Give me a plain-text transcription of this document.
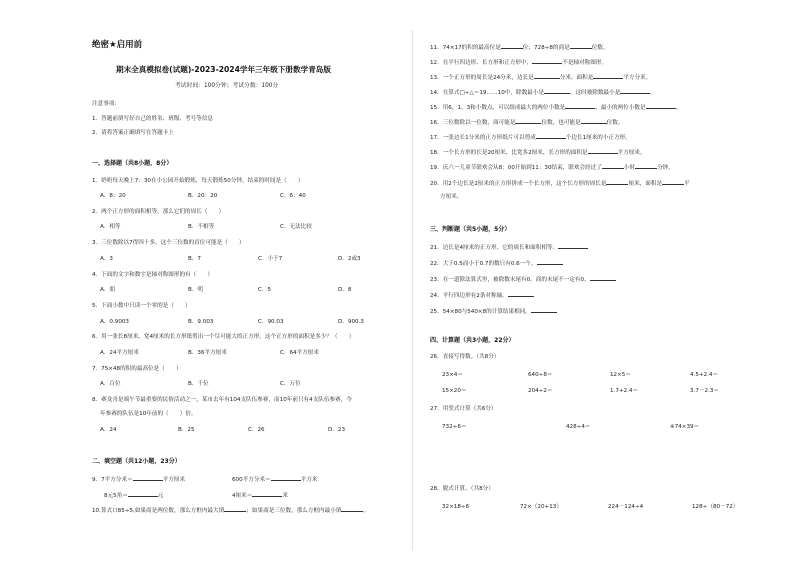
绝密★启用前
期末全真模拟卷(试题)-2023-2024学年三年级下册数学青岛版
考试时间：100分钟；考试分数：100分
注意事项：
1．答题前填写好自己的姓名、班级、考号等信息
2．请将答案正确填写在答题卡上
一、选择题（共8小题，8分）
1．奶奶每天晚上7：30在小公园开始锻炼，每天锻炼50分钟，结束的时间是（　　）
A．8：20	B．20：20	C．6：40
2．两个正方形的面积相等，那么它们的周长（　　）
A．相等	B．不相等	C．无法比较
3．三位数除以7得四十多，这个三位数的首位可能是（　　）
A．3	B．7	C．小于7	D．2或3
4．下面的文字和数字是轴对称图形的有（　　）
A．朋	B．明	C．5	D．8
5．下面小数中只读一个零的是（　　）
A．0.9003	B．9.003	C．90.03	D．900.3
6．用一张长8厘米、宽4厘米的长方形纸剪出一个尽可能大的正方形，这个正方形的面积是多少？（　　）
A．24平方厘米	B．36平方厘米	C．64平方厘米
7．75×48的积的最高位是（　　）
A．百位	B．千位	C．万位
8．赛龙舟是端午节最重要的民俗活动之一，某市去年有104支队伍参赛，而10年前只有4支队伍参赛，今
年参赛的队伍是10年前的（　　）倍。
A．24	B．25	C．26	D．23
二、填空题（共12小题，23分）
9．7平方分米＝	平方厘米	600平方分米＝	平方米
8元5角＝	元	4厘米＝	米
10.算式口85÷5,如果商是两位数，那么方框内最大填	；如果商是三位数，那么方框内最小填	。
11．74×17的积的最高位是	位；728÷8的商是	位数。
12．在平行四边形、长方形和正方形中，	不是轴对称图形。
13．一个正方形的周长是24分米，边长是	分米，面积是	平方分米。
14．在算式□÷△＝19……10中，除数最小是	，这时被除数最小是	。
15．用6，1，3和小数点，可以组成最大的两位小数是	，最小的两位小数是	。
16．三位数除以一位数，商可能是	位数，也可能是	位数。
17．一张边长1分米的正方形纸片可以剪成	个边长1厘米的小正方形。
18．一个长方形的长是20厘米，比宽多2厘米，长方形的面积是	平方厘米。
19．庆六一儿童节联欢会从8：00开始到11：30结束，联欢会经过了	小时	分钟。
20．用2个边长是2厘米的正方形拼成一个长方形，这个长方形的周长是	厘米，面积是	平
方厘米。
三、判断题（共5小题，5分）
21．边长是4厘米的正方形，它的周长和面积相等。
22．大于0.5而小于0.7的数只有0.6一个。
23．在一道除法算式里，被除数末尾有0，商的末尾不一定有0。
24．平行四边形有2条对称轴。
25．54×80与540×8的计算结果相同。
四、计算题（共3小题，22分）
26．直接写得数。（共8分）
23×4＝	640÷8＝	12×5＝	4.5+2.4＝
15×20＝	204÷2＝	1.7+2.4＝	3.7－2.3＝
27．用竖式计算（共6分）
732÷6＝	428÷4＝	※74×39＝
28．脱式计算。（共8分）
32×18÷6	72×（20+13）	224－124÷4	128÷（80－72）
